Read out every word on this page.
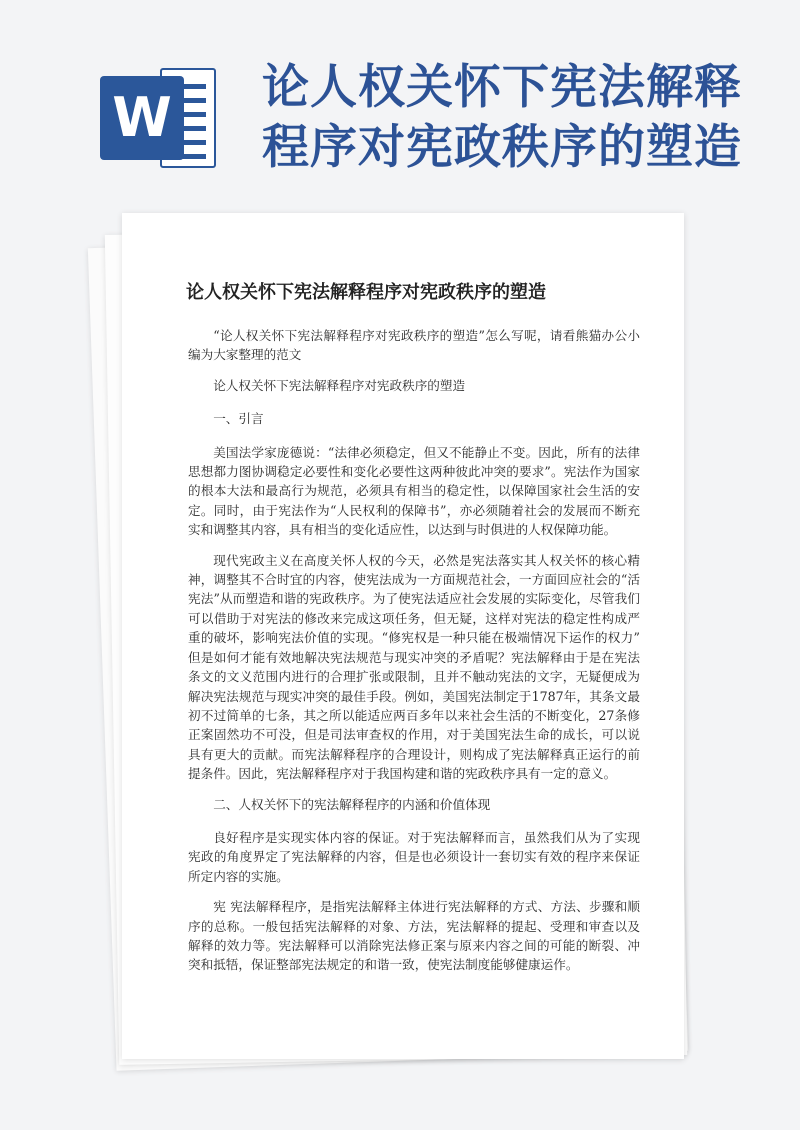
W 论人权关怀下宪法解释程序对宪政秩序的塑造
论人权关怀下宪法解释程序对宪政秩序的塑造

“论人权关怀下宪法解释程序对宪政秩序的塑造”怎么写呢，请看熊猫办公小编为大家整理的范文

论人权关怀下宪法解释程序对宪政秩序的塑造

一、引言

美国法学家庞德说：“法律必须稳定，但又不能静止不变。因此，所有的法律思想都力图协调稳定必要性和变化必要性这两种彼此冲突的要求”。宪法作为国家的根本大法和最高行为规范，必须具有相当的稳定性，以保障国家社会生活的安定。同时，由于宪法作为“人民权利的保障书”，亦必须随着社会的发展而不断充实和调整其内容，具有相当的变化适应性，以达到与时俱进的人权保障功能。

现代宪政主义在高度关怀人权的今天，必然是宪法落实其人权关怀的核心精神，调整其不合时宜的内容，使宪法成为一方面规范社会，一方面回应社会的“活宪法”从而塑造和谐的宪政秩序。为了使宪法适应社会发展的实际变化，尽管我们可以借助于对宪法的修改来完成这项任务，但无疑，这样对宪法的稳定性构成严重的破坏，影响宪法价值的实现。“修宪权是一种只能在极端情况下运作的权力” 但是如何才能有效地解决宪法规范与现实冲突的矛盾呢？宪法解释由于是在宪法条文的文义范围内进行的合理扩张或限制，且并不触动宪法的文字，无疑便成为解决宪法规范与现实冲突的最佳手段。例如，美国宪法制定于1787年，其条文最初不过简单的七条，其之所以能适应两百多年以来社会生活的不断变化，27条修正案固然功不可没，但是司法审查权的作用，对于美国宪法生命的成长，可以说具有更大的贡献。而宪法解释程序的合理设计，则构成了宪法解释真正运行的前提条件。因此，宪法解释程序对于我国构建和谐的宪政秩序具有一定的意义。

二、人权关怀下的宪法解释程序的内涵和价值体现

良好程序是实现实体内容的保证。对于宪法解释而言，虽然我们从为了实现宪政的角度界定了宪法解释的内容，但是也必须设计一套切实有效的程序来保证所定内容的实施。

宪 宪法解释程序，是指宪法解释主体进行宪法解释的方式、方法、步骤和顺序的总称。一般包括宪法解释的对象、方法，宪法解释的提起、受理和审查以及解释的效力等。宪法解释可以消除宪法修正案与原来内容之间的可能的断裂、冲突和抵牾，保证整部宪法规定的和谐一致，使宪法制度能够健康运作。
